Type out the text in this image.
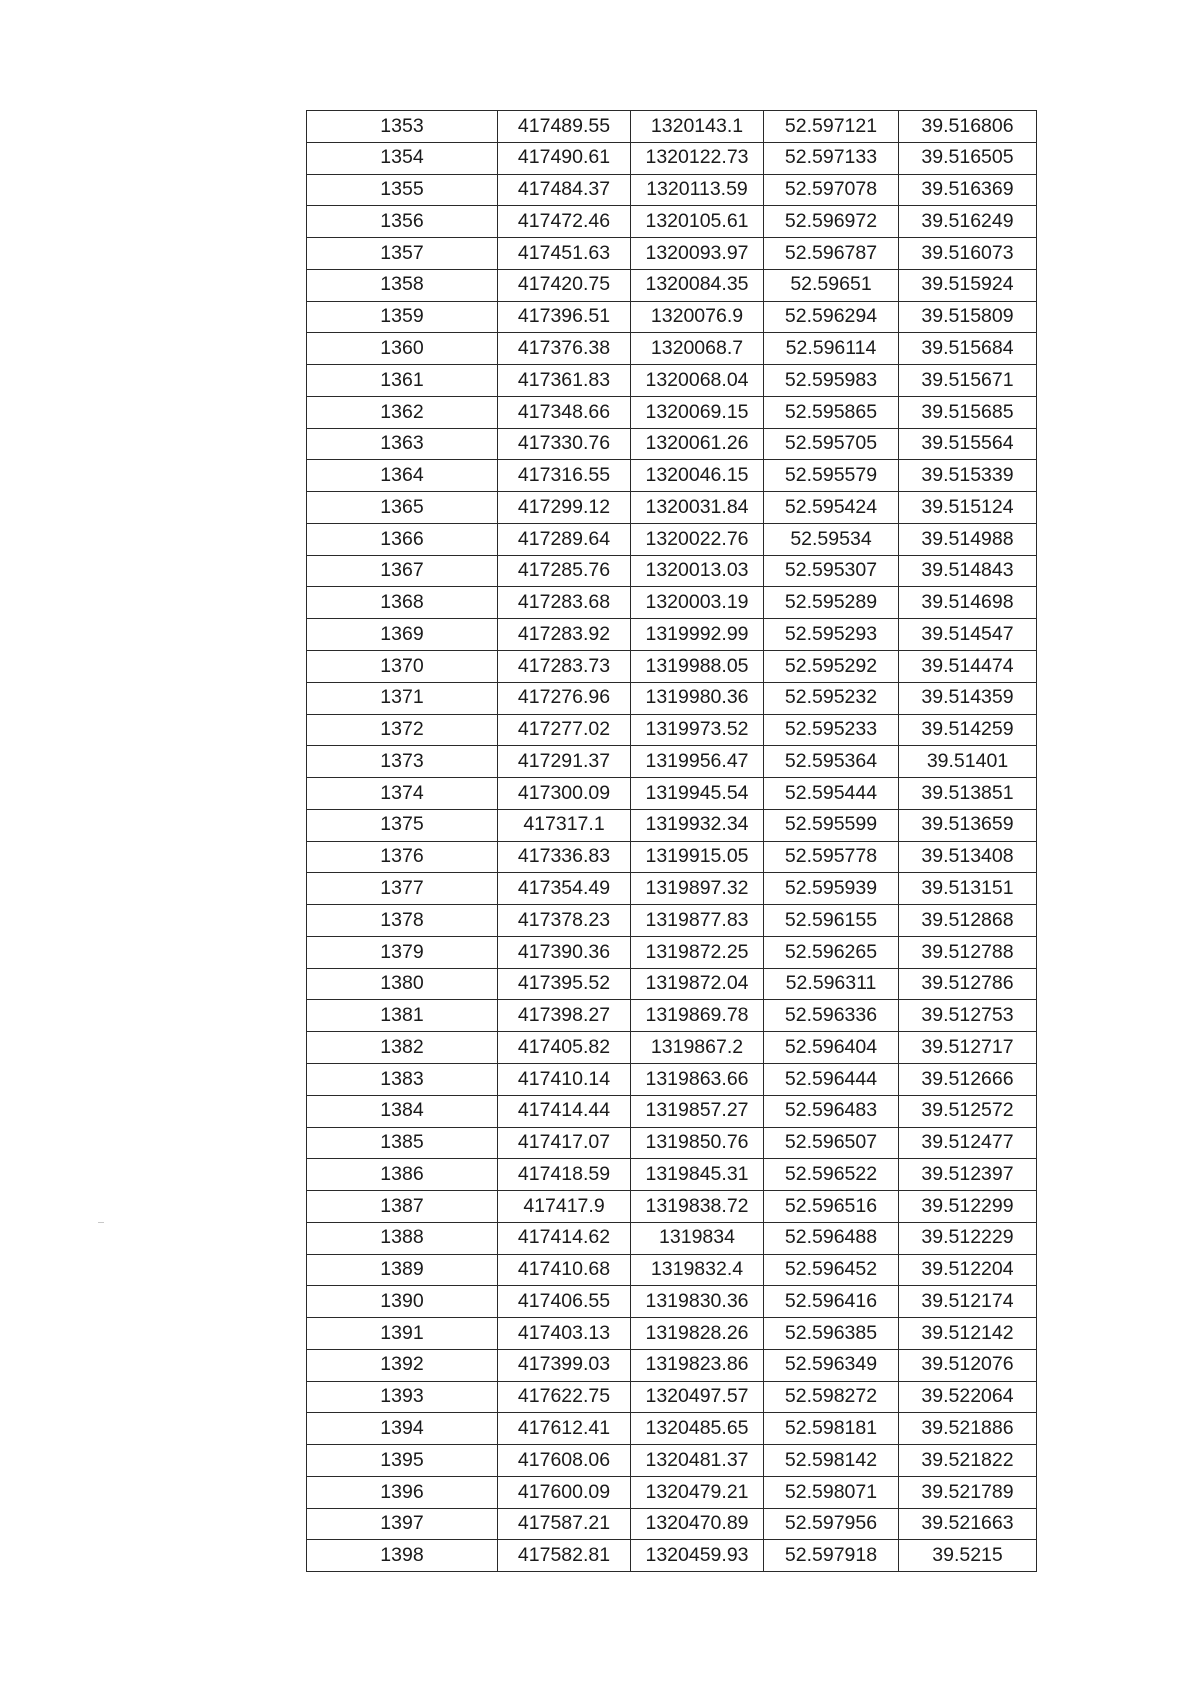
1353	417489.55	1320143.1	52.597121	39.516806
1354	417490.61	1320122.73	52.597133	39.516505
1355	417484.37	1320113.59	52.597078	39.516369
1356	417472.46	1320105.61	52.596972	39.516249
1357	417451.63	1320093.97	52.596787	39.516073
1358	417420.75	1320084.35	52.59651	39.515924
1359	417396.51	1320076.9	52.596294	39.515809
1360	417376.38	1320068.7	52.596114	39.515684
1361	417361.83	1320068.04	52.595983	39.515671
1362	417348.66	1320069.15	52.595865	39.515685
1363	417330.76	1320061.26	52.595705	39.515564
1364	417316.55	1320046.15	52.595579	39.515339
1365	417299.12	1320031.84	52.595424	39.515124
1366	417289.64	1320022.76	52.59534	39.514988
1367	417285.76	1320013.03	52.595307	39.514843
1368	417283.68	1320003.19	52.595289	39.514698
1369	417283.92	1319992.99	52.595293	39.514547
1370	417283.73	1319988.05	52.595292	39.514474
1371	417276.96	1319980.36	52.595232	39.514359
1372	417277.02	1319973.52	52.595233	39.514259
1373	417291.37	1319956.47	52.595364	39.51401
1374	417300.09	1319945.54	52.595444	39.513851
1375	417317.1	1319932.34	52.595599	39.513659
1376	417336.83	1319915.05	52.595778	39.513408
1377	417354.49	1319897.32	52.595939	39.513151
1378	417378.23	1319877.83	52.596155	39.512868
1379	417390.36	1319872.25	52.596265	39.512788
1380	417395.52	1319872.04	52.596311	39.512786
1381	417398.27	1319869.78	52.596336	39.512753
1382	417405.82	1319867.2	52.596404	39.512717
1383	417410.14	1319863.66	52.596444	39.512666
1384	417414.44	1319857.27	52.596483	39.512572
1385	417417.07	1319850.76	52.596507	39.512477
1386	417418.59	1319845.31	52.596522	39.512397
1387	417417.9	1319838.72	52.596516	39.512299
1388	417414.62	1319834	52.596488	39.512229
1389	417410.68	1319832.4	52.596452	39.512204
1390	417406.55	1319830.36	52.596416	39.512174
1391	417403.13	1319828.26	52.596385	39.512142
1392	417399.03	1319823.86	52.596349	39.512076
1393	417622.75	1320497.57	52.598272	39.522064
1394	417612.41	1320485.65	52.598181	39.521886
1395	417608.06	1320481.37	52.598142	39.521822
1396	417600.09	1320479.21	52.598071	39.521789
1397	417587.21	1320470.89	52.597956	39.521663
1398	417582.81	1320459.93	52.597918	39.5215
